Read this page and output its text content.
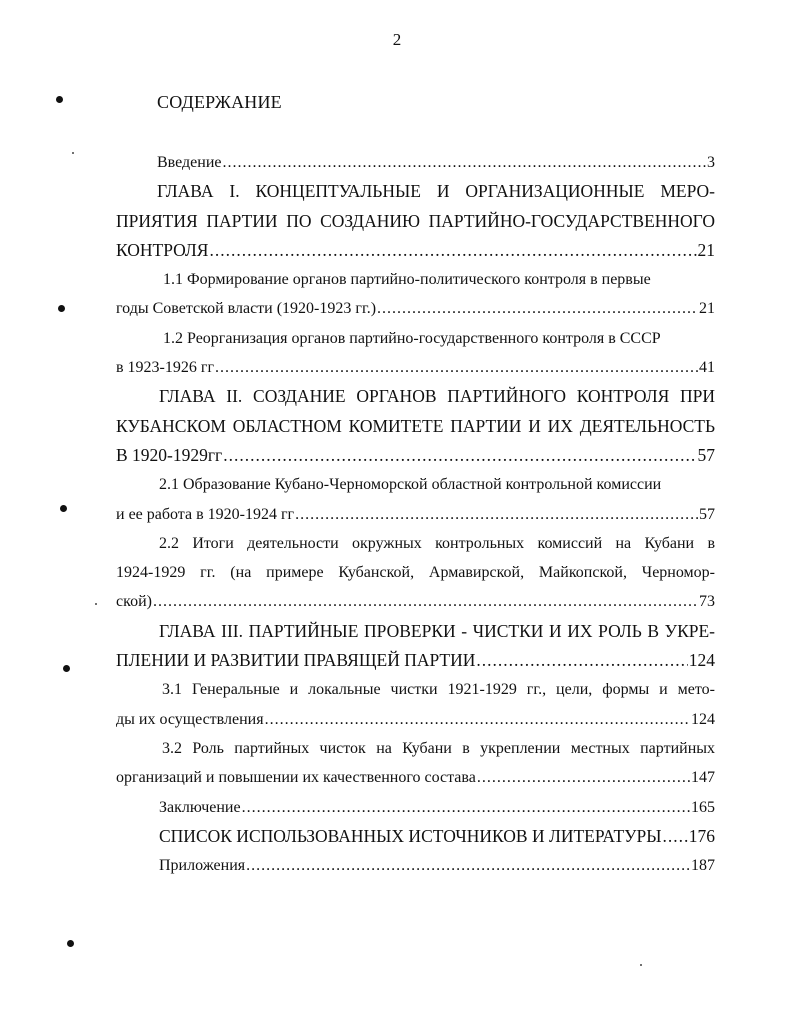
2
СОДЕРЖАНИЕ
Введение .....	3
ГЛАВА I. КОНЦЕПТУАЛЬНЫЕ И ОРГАНИЗАЦИОННЫЕ МЕРО-
ПРИЯТИЯ ПАРТИИ ПО СОЗДАНИЮ ПАРТИЙНО-ГОСУДАРСТВЕННОГО
КОНТРОЛЯ .....	21
1.1 Формирование органов партийно-политического контроля в первые
годы Советской власти (1920-1923 гг.) .....	21
1.2 Реорганизация органов партийно-государственного контроля в СССР
в 1923-1926 гг .....	41
ГЛАВА II. СОЗДАНИЕ ОРГАНОВ ПАРТИЙНОГО КОНТРОЛЯ ПРИ
КУБАНСКОМ ОБЛАСТНОМ КОМИТЕТЕ ПАРТИИ И ИХ ДЕЯТЕЛЬНОСТЬ
В 1920-1929гг .....	57
2.1 Образование Кубано-Черноморской областной контрольной комиссии
и ее работа в 1920-1924 гг .....	57
2.2 Итоги деятельности окружных контрольных комиссий на Кубани в
1924-1929 гг. (на примере Кубанской, Армавирской, Майкопской, Черномор-
ской) .....	73
ГЛАВА III. ПАРТИЙНЫЕ ПРОВЕРКИ - ЧИСТКИ И ИХ РОЛЬ В УКРЕ-
ПЛЕНИИ И РАЗВИТИИ ПРАВЯЩЕЙ ПАРТИИ .....	124
3.1 Генеральные и локальные чистки 1921-1929 гг., цели, формы и мето-
ды их осуществления .....	124
3.2 Роль партийных чисток на Кубани в укреплении местных партийных
организаций и повышении их качественного состава .....	147
Заключение .....	165
СПИСОК ИСПОЛЬЗОВАННЫХ ИСТОЧНИКОВ И ЛИТЕРАТУРЫ ..... 176
Приложения .....	187
